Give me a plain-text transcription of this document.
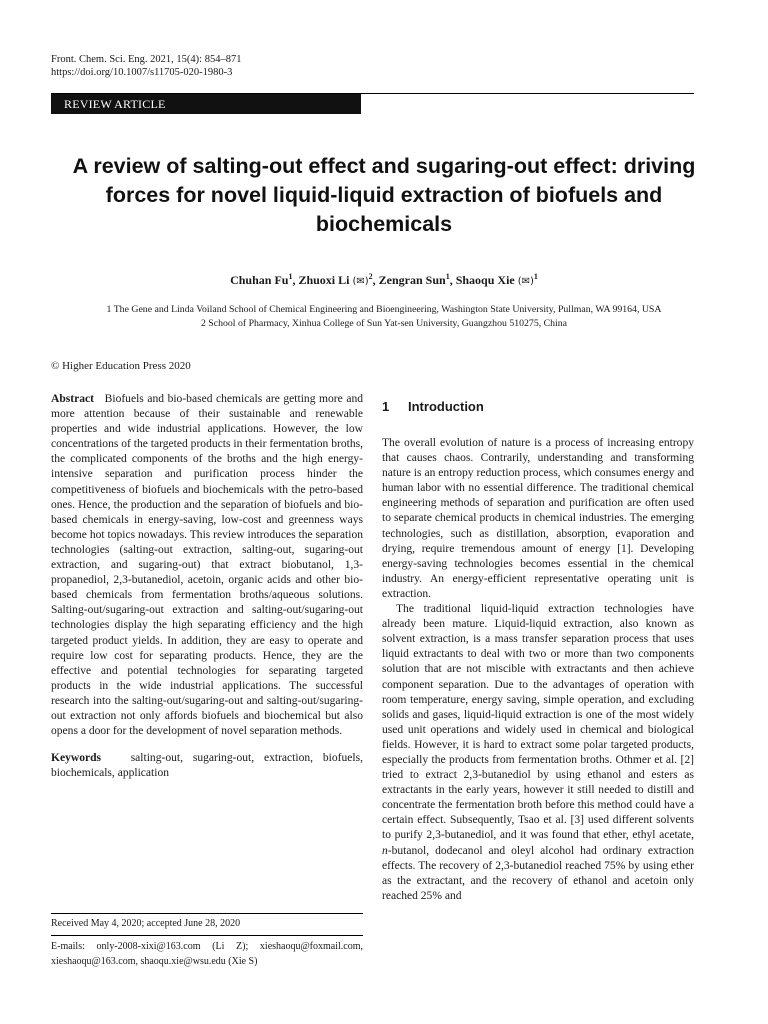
Front. Chem. Sci. Eng. 2021, 15(4): 854–871
https://doi.org/10.1007/s11705-020-1980-3
REVIEW ARTICLE
A review of salting-out effect and sugaring-out effect: driving forces for novel liquid-liquid extraction of biofuels and biochemicals
Chuhan Fu$^1$, Zhuoxi Li (✉)$^2$, Zengran Sun$^1$, Shaoqu Xie (✉)$^1$
1 The Gene and Linda Voiland School of Chemical Engineering and Bioengineering, Washington State University, Pullman, WA 99164, USA
2 School of Pharmacy, Xinhua College of Sun Yat-sen University, Guangzhou 510275, China
© Higher Education Press 2020

Abstract Biofuels and bio-based chemicals are getting more and more attention because of their sustainable and renewable properties and wide industrial applications. However, the low concentrations of the targeted products in their fermentation broths, the complicated components of the broths and the high energy-intensive separation and purification process hinder the competitiveness of biofuels and biochemicals with the petro-based ones. Hence, the production and the separation of biofuels and bio-based chemicals in energy-saving, low-cost and greenness ways become hot topics nowadays. This review introduces the separation technologies (salting-out extraction, salting-out, sugaring-out extraction, and sugaring-out) that extract biobutanol, 1,3-propanediol, 2,3-butanediol, acetoin, organic acids and other bio-based chemicals from fermentation broths/aqueous solutions. Salting-out/sugaring-out extraction and salting-out/sugaring-out technologies display the high separating efficiency and the high targeted product yields. In addition, they are easy to operate and require low cost for separating products. Hence, they are the effective and potential technologies for separating targeted products in the wide industrial applications. The successful research into the salting-out/sugaring-out and salting-out/sugaring-out extraction not only affords biofuels and biochemical but also opens a door for the development of novel separation methods.

Keywords	salting-out, sugaring-out, extraction, biofuels, biochemicals, application

Received May 4, 2020; accepted June 28, 2020
E-mails: only-2008-xixi@163.com (Li Z); xieshaoqu@foxmail.com, xieshaoqu@163.com, shaoqu.xie@wsu.edu (Xie S)

1 Introduction

The overall evolution of nature is a process of increasing entropy that causes chaos. Contrarily, understanding and transforming nature is an entropy reduction process, which consumes energy and human labor with no essential difference. The traditional chemical engineering methods of separation and purification are often used to separate chemical products in chemical industries. The emerging technologies, such as distillation, absorption, evaporation and drying, require tremendous amount of energy [1]. Developing energy-saving technologies becomes essential in the chemical industry. An energy-efficient representative operating unit is extraction.

The traditional liquid-liquid extraction technologies have already been mature. Liquid-liquid extraction, also known as solvent extraction, is a mass transfer separation process that uses liquid extractants to deal with two or more than two components solution that are not miscible with extractants and then achieve component separation. Due to the advantages of operation with room temperature, energy saving, simple operation, and excluding solids and gases, liquid-liquid extraction is one of the most widely used unit operations and widely used in chemical and biological fields. However, it is hard to extract some polar targeted products, especially the products from fermentation broths. Othmer et al. [2] tried to extract 2,3-butanediol by using ethanol and esters as extractants in the early years, however it still needed to distill and concentrate the fermentation broth before this method could have a certain effect. Subsequently, Tsao et al. [3] used different solvents to purify 2,3-butanediol, and it was found that ether, ethyl acetate, n-butanol, dodecanol and oleyl alcohol had ordinary extraction effects. The recovery of 2,3-butanediol reached 75% by using ether as the extractant, and the recovery of ethanol and acetoin only reached 25% and
